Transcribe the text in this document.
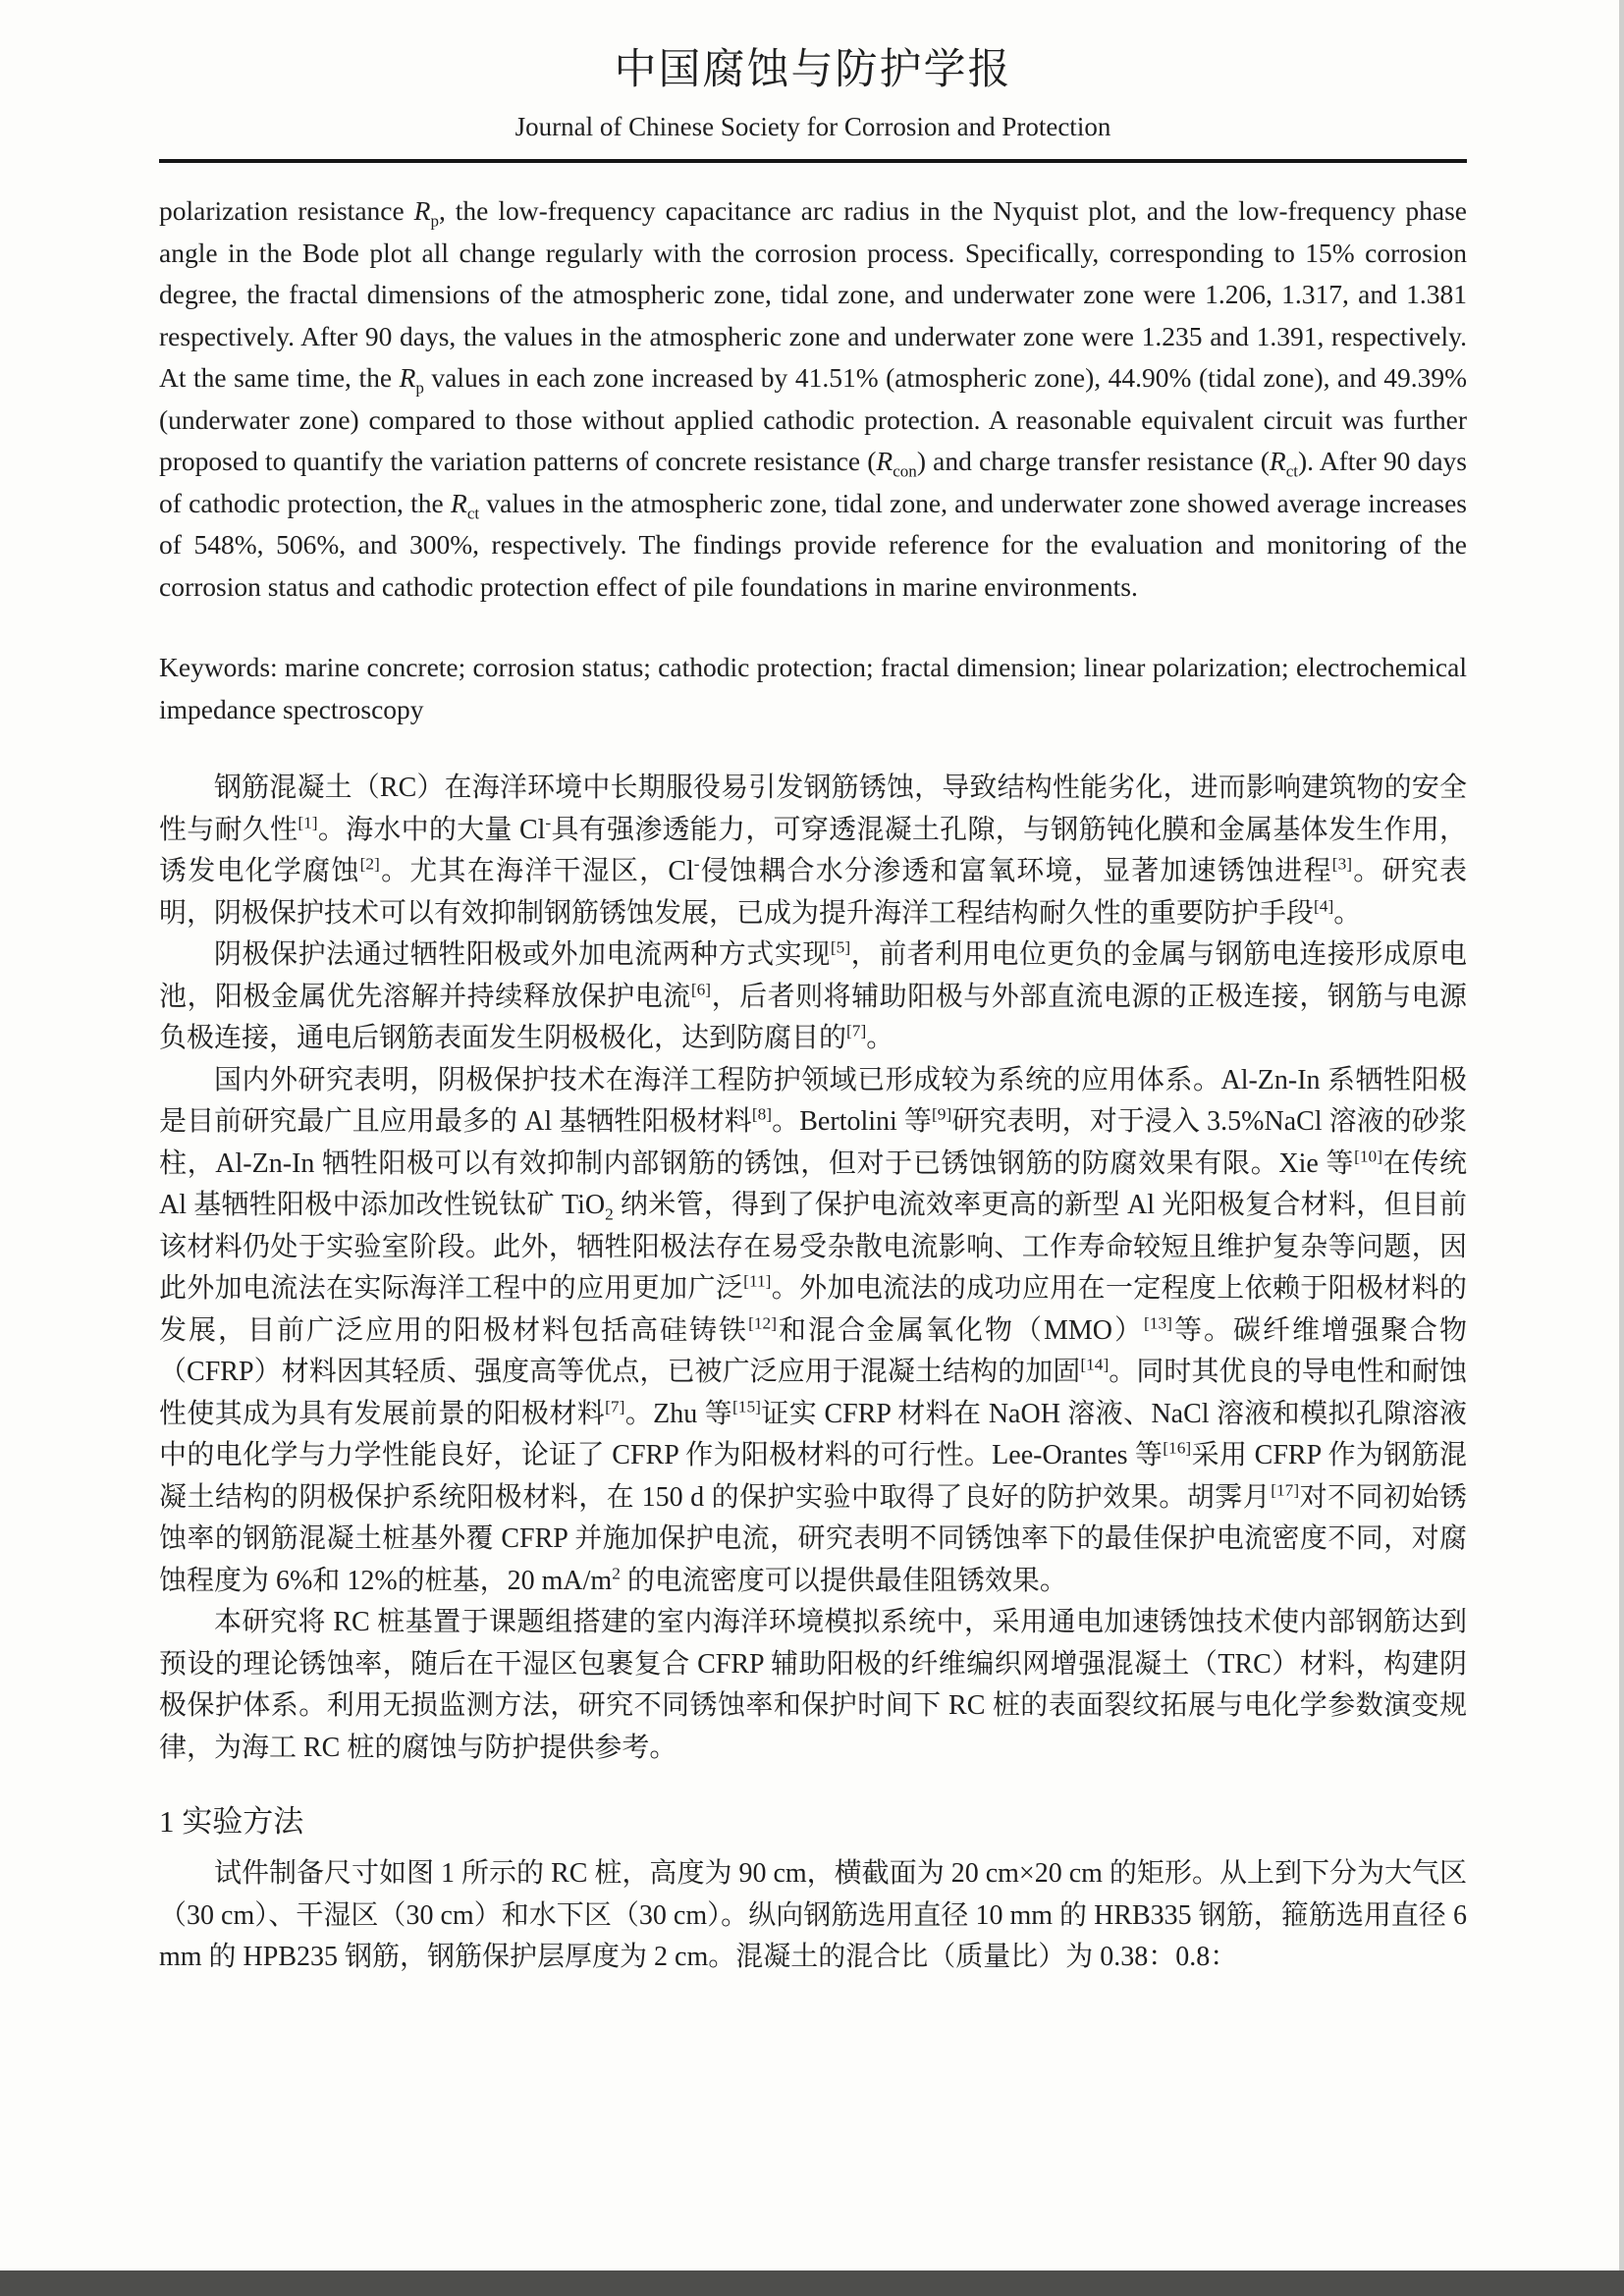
中国腐蚀与防护学报
Journal of Chinese Society for Corrosion and Protection

polarization resistance $R_p$, the low-frequency capacitance arc radius in the Nyquist plot, and the low-frequency phase angle in the Bode plot all change regularly with the corrosion process. Specifically, corresponding to 15% corrosion degree, the fractal dimensions of the atmospheric zone, tidal zone, and underwater zone were 1.206, 1.317, and 1.381 respectively. After 90 days, the values in the atmospheric zone and underwater zone were 1.235 and 1.391, respectively. At the same time, the $R_p$ values in each zone increased by 41.51% (atmospheric zone), 44.90% (tidal zone), and 49.39% (underwater zone) compared to those without applied cathodic protection. A reasonable equivalent circuit was further proposed to quantify the variation patterns of concrete resistance $(R_{con})$ and charge transfer resistance $(R_{ct})$. After 90 days of cathodic protection, the $R_{ct}$ values in the atmospheric zone, tidal zone, and underwater zone showed average increases of 548%, 506%, and 300%, respectively. The findings provide reference for the evaluation and monitoring of the corrosion status and cathodic protection effect of pile foundations in marine environments.

Keywords: marine concrete; corrosion status; cathodic protection; fractal dimension; linear polarization; electrochemical impedance spectroscopy

钢筋混凝土（RC）在海洋环境中长期服役易引发钢筋锈蚀，导致结构性能劣化，进而影响建筑物的安全性与耐久性[1]。海水中的大量 Cl-具有强渗透能力，可穿透混凝土孔隙，与钢筋钝化膜和金属基体发生作用，诱发电化学腐蚀[2]。尤其在海洋干湿区，Cl-侵蚀耦合水分渗透和富氧环境，显著加速锈蚀进程[3]。研究表明，阴极保护技术可以有效抑制钢筋锈蚀发展，已成为提升海洋工程结构耐久性的重要防护手段[4]。

阴极保护法通过牺牲阳极或外加电流两种方式实现[5]，前者利用电位更负的金属与钢筋电连接形成原电池，阳极金属优先溶解并持续释放保护电流[6]，后者则将辅助阳极与外部直流电源的正极连接，钢筋与电源负极连接，通电后钢筋表面发生阴极极化，达到防腐目的[7]。

国内外研究表明，阴极保护技术在海洋工程防护领域已形成较为系统的应用体系。Al-Zn-In 系牺牲阳极是目前研究最广且应用最多的 Al 基牺牲阳极材料[8]。Bertolini 等[9]研究表明，对于浸入 3.5%NaCl 溶液的砂浆柱，Al-Zn-In 牺牲阳极可以有效抑制内部钢筋的锈蚀，但对于已锈蚀钢筋的防腐效果有限。Xie 等[10]在传统 Al 基牺牲阳极中添加改性锐钛矿 TiO$_2$ 纳米管，得到了保护电流效率更高的新型 Al 光阳极复合材料，但目前该材料仍处于实验室阶段。此外，牺牲阳极法存在易受杂散电流影响、工作寿命较短且维护复杂等问题，因此外加电流法在实际海洋工程中的应用更加广泛[11]。外加电流法的成功应用在一定程度上依赖于阳极材料的发展，目前广泛应用的阳极材料包括高硅铸铁[12]和混合金属氧化物（MMO）[13]等。碳纤维增强聚合物（CFRP）材料因其轻质、强度高等优点，已被广泛应用于混凝土结构的加固[14]。同时其优良的导电性和耐蚀性使其成为具有发展前景的阳极材料[7]。Zhu 等[15]证实 CFRP 材料在 NaOH 溶液、NaCl 溶液和模拟孔隙溶液中的电化学与力学性能良好，论证了 CFRP 作为阳极材料的可行性。Lee-Orantes 等[16]采用 CFRP 作为钢筋混凝土结构的阴极保护系统阳极材料，在 150 d 的保护实验中取得了良好的防护效果。胡霁月[17]对不同初始锈蚀率的钢筋混凝土桩基外覆 CFRP 并施加保护电流，研究表明不同锈蚀率下的最佳保护电流密度不同，对腐蚀程度为 6%和 12%的桩基，20 $mA/m^2$ 的电流密度可以提供最佳阻锈效果。

本研究将 RC 桩基置于课题组搭建的室内海洋环境模拟系统中，采用通电加速锈蚀技术使内部钢筋达到预设的理论锈蚀率，随后在干湿区包裹复合 CFRP 辅助阳极的纤维编织网增强混凝土（TRC）材料，构建阴极保护体系。利用无损监测方法，研究不同锈蚀率和保护时间下 RC 桩的表面裂纹拓展与电化学参数演变规律，为海工 RC 桩的腐蚀与防护提供参考。

1 实验方法

试件制备尺寸如图 1 所示的 RC 桩，高度为 90 cm，横截面为 20 cm×20 cm 的矩形。从上到下分为大气区（30 cm）、干湿区（30 cm）和水下区（30 cm）。纵向钢筋选用直径 10 mm 的 HRB335 钢筋，箍筋选用直径 6 mm 的 HPB235 钢筋，钢筋保护层厚度为 2 cm。混凝土的混合比（质量比）为 0.38：0.8：
